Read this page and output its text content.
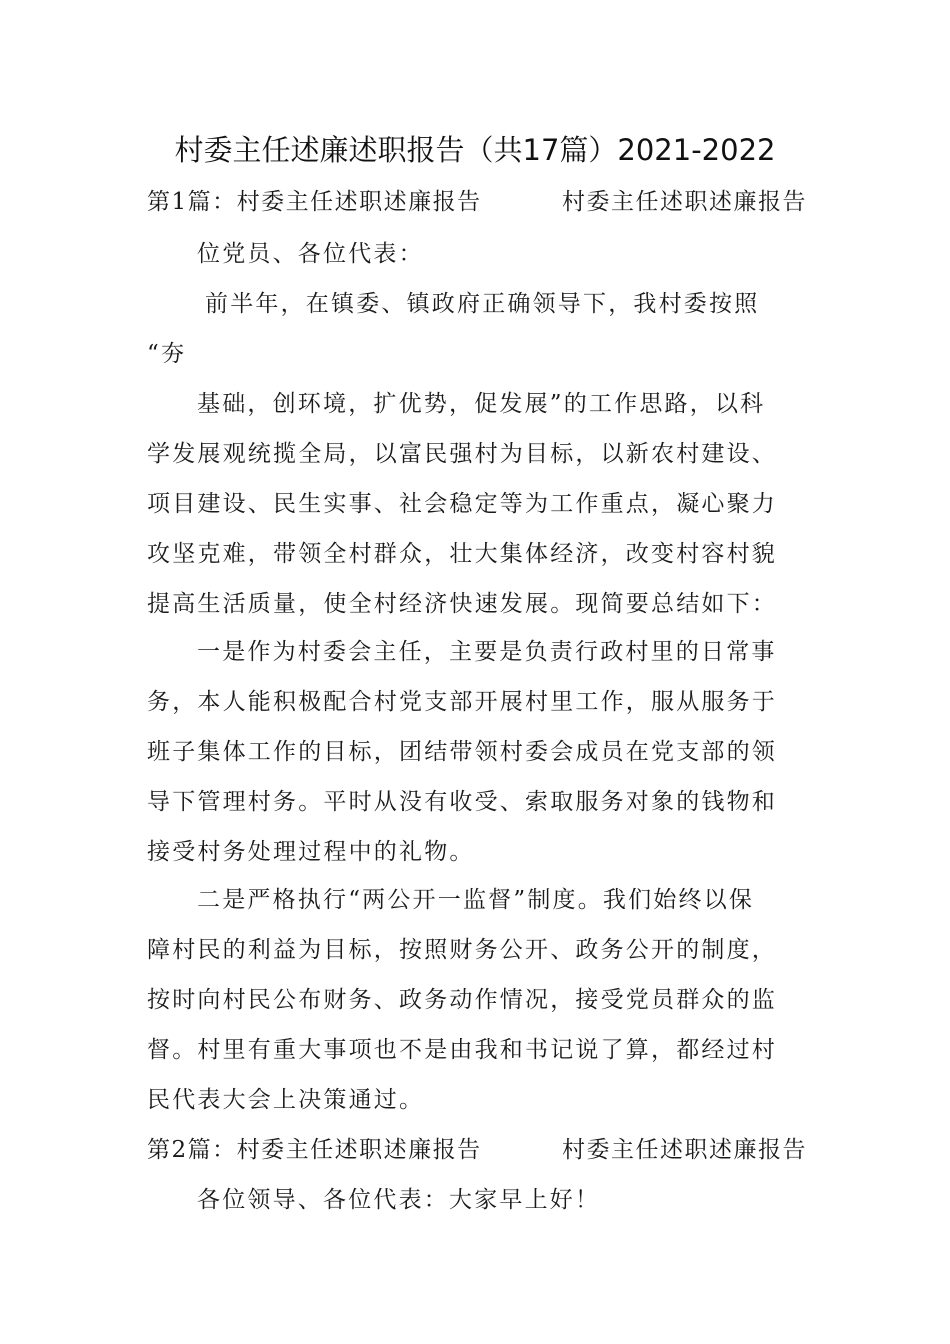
村委主任述廉述职报告（共17篇）2021-2022
第1篇：村委主任述职述廉报告	村委主任述职述廉报告
位党员、各位代表：
前半年，在镇委、镇政府正确领导下，我村委按照
“夯
基础，创环境，扩优势，促发展”的工作思路，以科
学发展观统揽全局，以富民强村为目标，以新农村建设、
项目建设、民生实事、社会稳定等为工作重点，凝心聚力
攻坚克难，带领全村群众，壮大集体经济，改变村容村貌
提高生活质量，使全村经济快速发展。现简要总结如下：
一是作为村委会主任，主要是负责行政村里的日常事
务，本人能积极配合村党支部开展村里工作，服从服务于
班子集体工作的目标，团结带领村委会成员在党支部的领
导下管理村务。平时从没有收受、索取服务对象的钱物和
接受村务处理过程中的礼物。
二是严格执行“两公开一监督”制度。我们始终以保
障村民的利益为目标，按照财务公开、政务公开的制度，
按时向村民公布财务、政务动作情况，接受党员群众的监
督。村里有重大事项也不是由我和书记说了算，都经过村
民代表大会上决策通过。
第2篇：村委主任述职述廉报告	村委主任述职述廉报告
各位领导、各位代表：大家早上好！
